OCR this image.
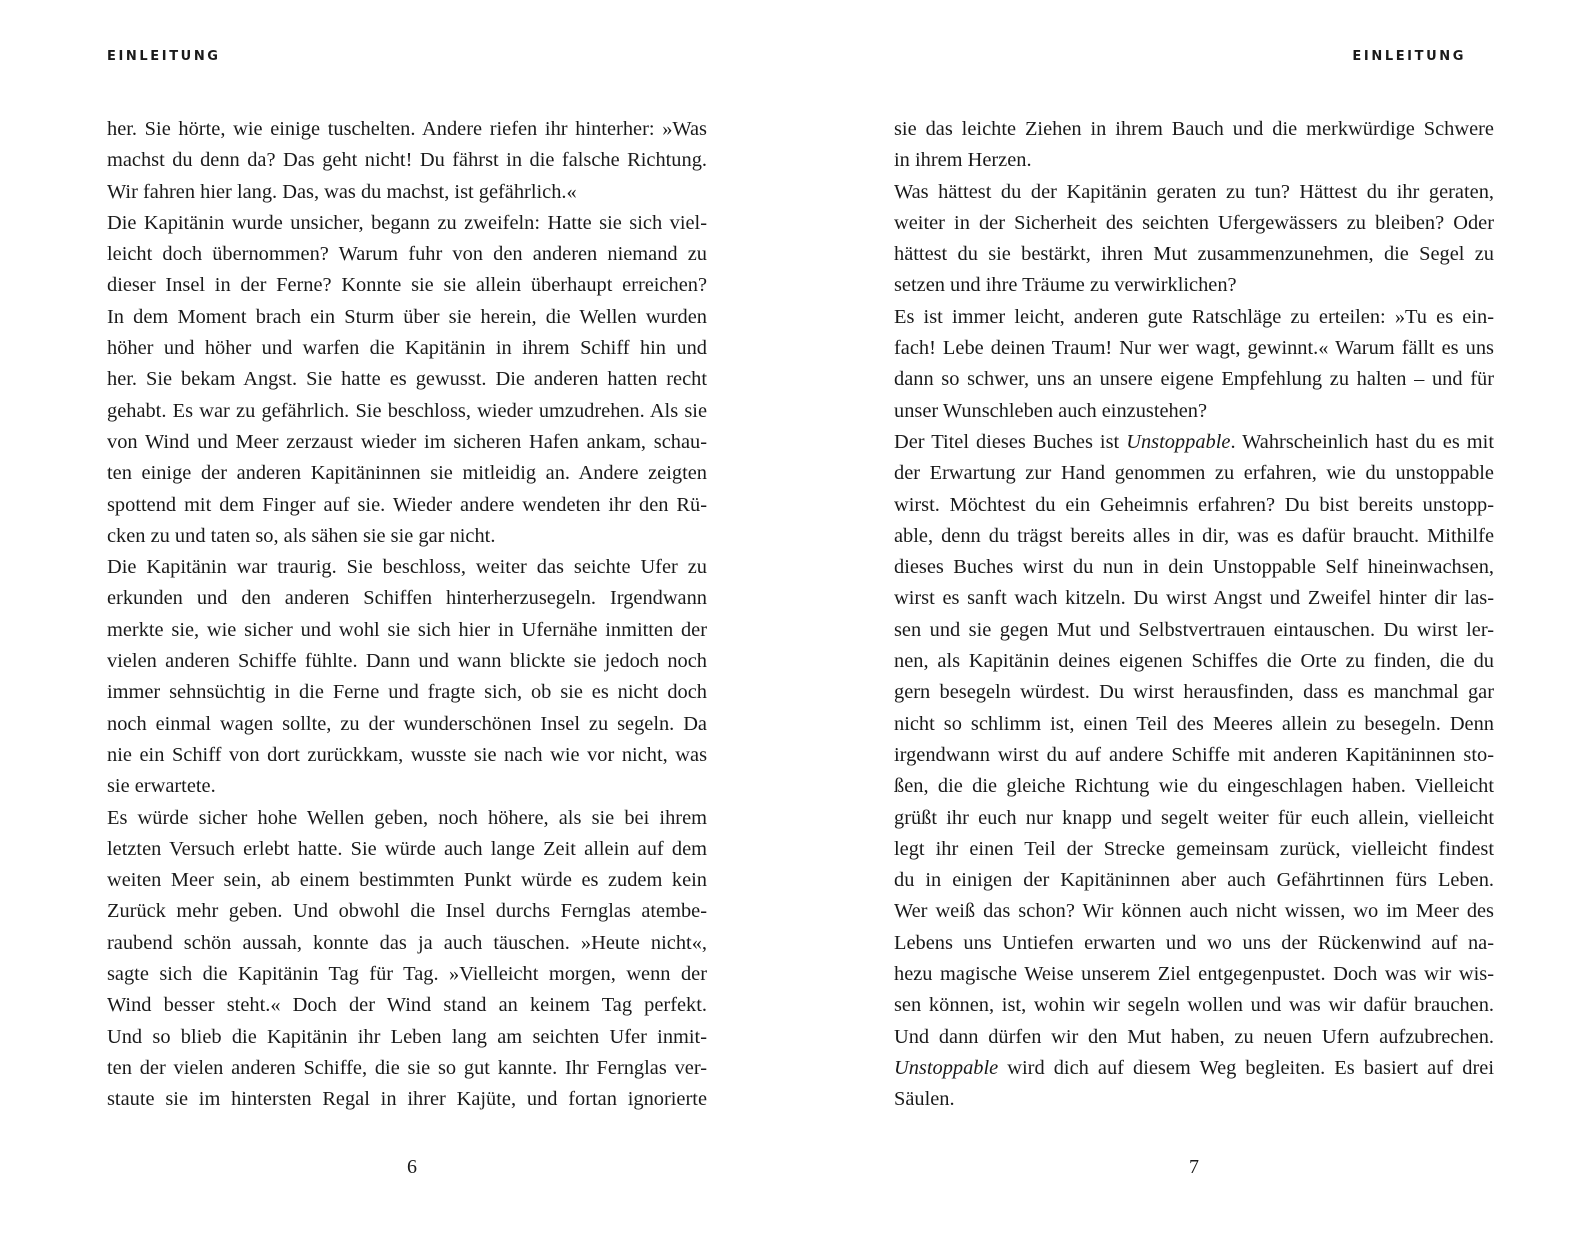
EINLEITUNG
her. Sie hörte, wie einige tuschelten. Andere riefen ihr hinterher: »Was
machst du denn da? Das geht nicht! Du fährst in die falsche Richtung.
Wir fahren hier lang. Das, was du machst, ist gefährlich.«
Die Kapitänin wurde unsicher, begann zu zweifeln: Hatte sie sich viel-
leicht doch übernommen? Warum fuhr von den anderen niemand zu
dieser Insel in der Ferne? Konnte sie sie allein überhaupt erreichen?
In dem Moment brach ein Sturm über sie herein, die Wellen wurden
höher und höher und warfen die Kapitänin in ihrem Schiff hin und
her. Sie bekam Angst. Sie hatte es gewusst. Die anderen hatten recht
gehabt. Es war zu gefährlich. Sie beschloss, wieder umzudrehen. Als sie
von Wind und Meer zerzaust wieder im sicheren Hafen ankam, schau-
ten einige der anderen Kapitäninnen sie mitleidig an. Andere zeigten
spottend mit dem Finger auf sie. Wieder andere wendeten ihr den Rü-
cken zu und taten so, als sähen sie sie gar nicht.
Die Kapitänin war traurig. Sie beschloss, weiter das seichte Ufer zu
erkunden und den anderen Schiffen hinterherzusegeln. Irgendwann
merkte sie, wie sicher und wohl sie sich hier in Ufernähe inmitten der
vielen anderen Schiffe fühlte. Dann und wann blickte sie jedoch noch
immer sehnsüchtig in die Ferne und fragte sich, ob sie es nicht doch
noch einmal wagen sollte, zu der wunderschönen Insel zu segeln. Da
nie ein Schiff von dort zurückkam, wusste sie nach wie vor nicht, was
sie erwartete.
Es würde sicher hohe Wellen geben, noch höhere, als sie bei ihrem
letzten Versuch erlebt hatte. Sie würde auch lange Zeit allein auf dem
weiten Meer sein, ab einem bestimmten Punkt würde es zudem kein
Zurück mehr geben. Und obwohl die Insel durchs Fernglas atembe-
raubend schön aussah, konnte das ja auch täuschen. »Heute nicht«,
sagte sich die Kapitänin Tag für Tag. »Vielleicht morgen, wenn der
Wind besser steht.« Doch der Wind stand an keinem Tag perfekt.
Und so blieb die Kapitänin ihr Leben lang am seichten Ufer inmit-
ten der vielen anderen Schiffe, die sie so gut kannte. Ihr Fernglas ver-
staute sie im hintersten Regal in ihrer Kajüte, und fortan ignorierte
6
EINLEITUNG
sie das leichte Ziehen in ihrem Bauch und die merkwürdige Schwere
in ihrem Herzen.
Was hättest du der Kapitänin geraten zu tun? Hättest du ihr geraten,
weiter in der Sicherheit des seichten Ufergewässers zu bleiben? Oder
hättest du sie bestärkt, ihren Mut zusammenzunehmen, die Segel zu
setzen und ihre Träume zu verwirklichen?
Es ist immer leicht, anderen gute Ratschläge zu erteilen: »Tu es ein-
fach! Lebe deinen Traum! Nur wer wagt, gewinnt.« Warum fällt es uns
dann so schwer, uns an unsere eigene Empfehlung zu halten – und für
unser Wunschleben auch einzustehen?
Der Titel dieses Buches ist Unstoppable. Wahrscheinlich hast du es mit
der Erwartung zur Hand genommen zu erfahren, wie du unstoppable
wirst. Möchtest du ein Geheimnis erfahren? Du bist bereits unstopp-
able, denn du trägst bereits alles in dir, was es dafür braucht. Mithilfe
dieses Buches wirst du nun in dein Unstoppable Self hineinwachsen,
wirst es sanft wach kitzeln. Du wirst Angst und Zweifel hinter dir las-
sen und sie gegen Mut und Selbstvertrauen eintauschen. Du wirst ler-
nen, als Kapitänin deines eigenen Schiffes die Orte zu finden, die du
gern besegeln würdest. Du wirst herausfinden, dass es manchmal gar
nicht so schlimm ist, einen Teil des Meeres allein zu besegeln. Denn
irgendwann wirst du auf andere Schiffe mit anderen Kapitäninnen sto-
ßen, die die gleiche Richtung wie du eingeschlagen haben. Vielleicht
grüßt ihr euch nur knapp und segelt weiter für euch allein, vielleicht
legt ihr einen Teil der Strecke gemeinsam zurück, vielleicht findest
du in einigen der Kapitäninnen aber auch Gefährtinnen fürs Leben.
Wer weiß das schon? Wir können auch nicht wissen, wo im Meer des
Lebens uns Untiefen erwarten und wo uns der Rückenwind auf na-
hezu magische Weise unserem Ziel entgegenpustet. Doch was wir wis-
sen können, ist, wohin wir segeln wollen und was wir dafür brauchen.
Und dann dürfen wir den Mut haben, zu neuen Ufern aufzubrechen.
Unstoppable wird dich auf diesem Weg begleiten. Es basiert auf drei
Säulen.
7
